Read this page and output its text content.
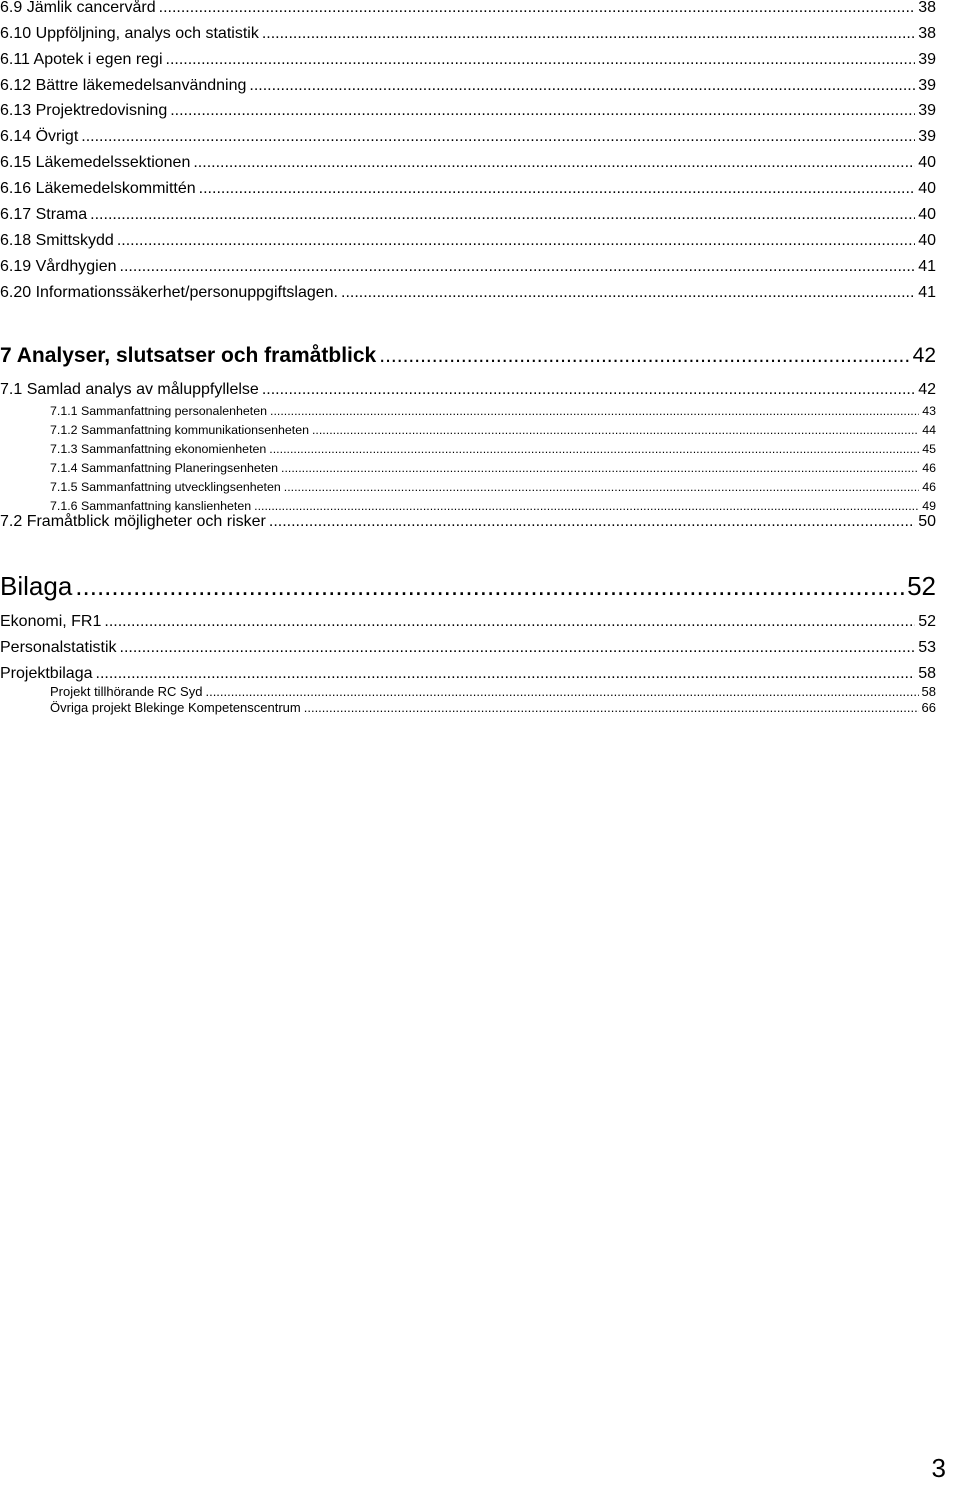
6.9 Jämlik cancervård .....	38
6.10 Uppföljning, analys och statistik .....	38
6.11 Apotek i egen regi .....	39
6.12 Bättre läkemedelsanvändning .....	39
6.13 Projektredovisning .....	39
6.14 Övrigt .....	39
6.15 Läkemedelssektionen .....	40
6.16 Läkemedelskommittén .....	40
6.17 Strama .....	40
6.18 Smittskydd .....	40
6.19 Vårdhygien .....	41
6.20 Informationssäkerhet/personuppgiftslagen. .....	41
7 Analyser, slutsatser och framåtblick .....	42
7.1 Samlad analys av måluppfyllelse .....	42
7.1.1 Sammanfattning personalenheten .....	43
7.1.2 Sammanfattning kommunikationsenheten .....	44
7.1.3 Sammanfattning ekonomienheten .....	45
7.1.4 Sammanfattning Planeringsenheten .....	46
7.1.5 Sammanfattning utvecklingsenheten .....	46
7.1.6 Sammanfattning kanslienheten .....	49
7.2 Framåtblick möjligheter och risker .....	50
Bilaga .....	52
Ekonomi, FR1 .....	52
Personalstatistik .....	53
Projektbilaga .....	58
Projekt tillhörande RC Syd .....	58
Övriga projekt Blekinge Kompetenscentrum .....	66
3
